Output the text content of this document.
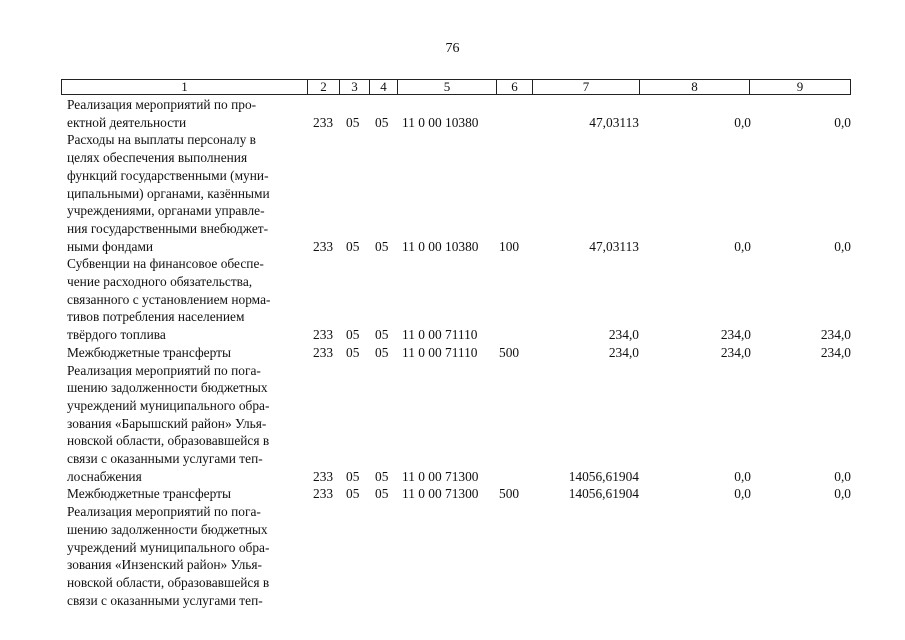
76
1	2	3	4	5	6	7	8	9
Реализация мероприятий по про-
ектной деятельности	233 05 05 11 0 00 10380	47,03113	0,0	0,0
Расходы на выплаты персоналу в
целях обеспечения выполнения
функций государственными (муни-
ципальными) органами, казёнными
учреждениями, органами управле-
ния государственными внебюджет-
ными фондами	233 05 05 11 0 00 10380 100	47,03113	0,0	0,0
Субвенции на финансовое обеспе-
чение расходного обязательства,
связанного с установлением норма-
тивов потребления населением
твёрдого топлива	233 05 05 11 0 00 71110	234,0	234,0	234,0
Межбюджетные трансферты	233 05 05 11 0 00 71110 500	234,0	234,0	234,0
Реализация мероприятий по пога-
шению задолженности бюджетных
учреждений муниципального обра-
зования «Барышский район» Улья-
новской области, образовавшейся в
связи с оказанными услугами теп-
лоснабжения	233 05 05 11 0 00 71300	14056,61904	0,0	0,0
Межбюджетные трансферты	233 05 05 11 0 00 71300 500	14056,61904	0,0	0,0
Реализация мероприятий по пога-
шению задолженности бюджетных
учреждений муниципального обра-
зования «Инзенский район» Улья-
новской области, образовавшейся в
связи с оказанными услугами теп-
